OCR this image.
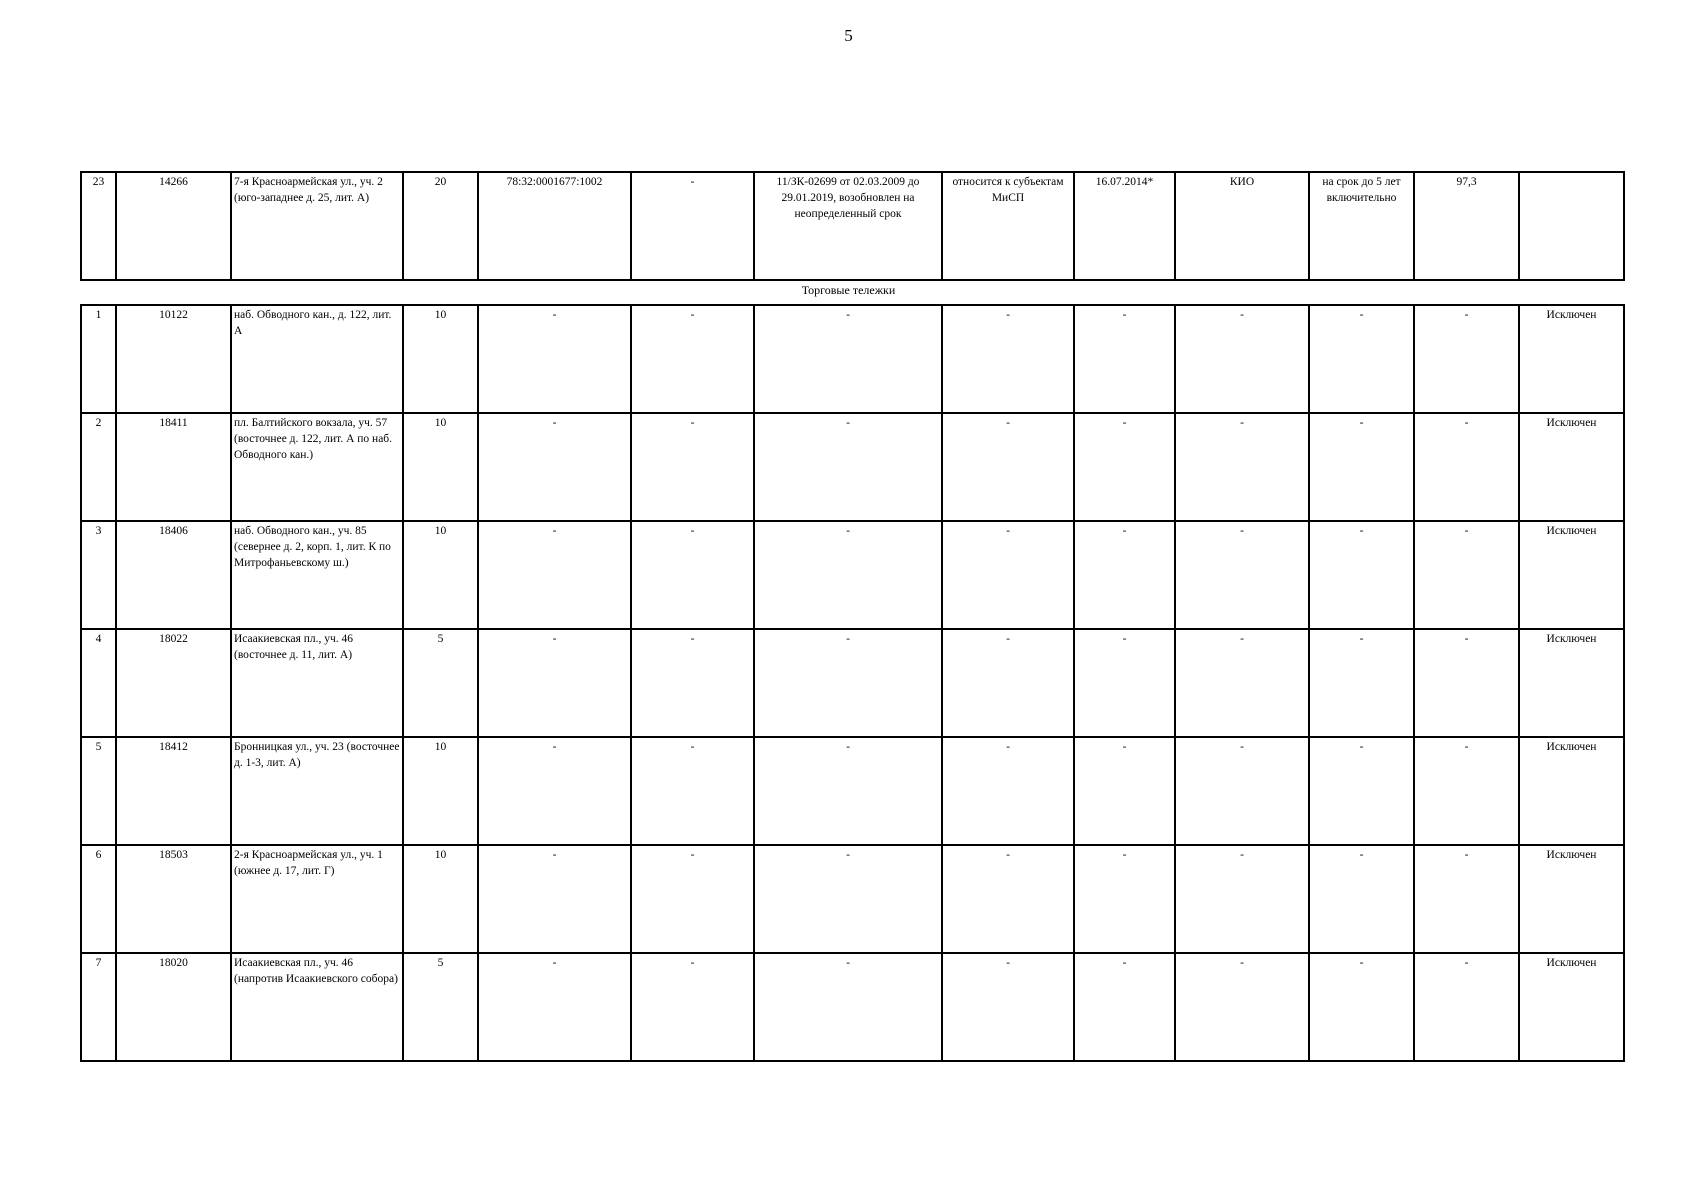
5
23	14266	7-я Красноармейская ул., уч. 2 (юго-западнее д. 25, лит. А)	20	78:32:0001677:1002	-	11/ЗК-02699 от 02.03.2009 до 29.01.2019, возобновлен на неопределенный срок	относится к субъектам МиСП	16.07.2014*	КИО	на срок до 5 лет включительно	97,3	
Торговые тележки
1	10122	наб. Обводного кан., д. 122, лит. А	10	-	-	-	-	-	-	-	-	Исключен
2	18411	пл. Балтийского вокзала, уч. 57 (восточнее д. 122, лит. А по наб. Обводного кан.)	10	-	-	-	-	-	-	-	-	Исключен
3	18406	наб. Обводного кан., уч. 85 (севернее д. 2, корп. 1, лит. К по Митрофаньевскому ш.)	10	-	-	-	-	-	-	-	-	Исключен
4	18022	Исаакиевская пл., уч. 46 (восточнее д. 11, лит. А)	5	-	-	-	-	-	-	-	-	Исключен
5	18412	Бронницкая ул., уч. 23 (восточнее д. 1-3, лит. А)	10	-	-	-	-	-	-	-	-	Исключен
6	18503	2-я Красноармейская ул., уч. 1 (южнее д. 17, лит. Г)	10	-	-	-	-	-	-	-	-	Исключен
7	18020	Исаакиевская пл., уч. 46 (напротив Исаакиевского собора)	5	-	-	-	-	-	-	-	-	Исключен
